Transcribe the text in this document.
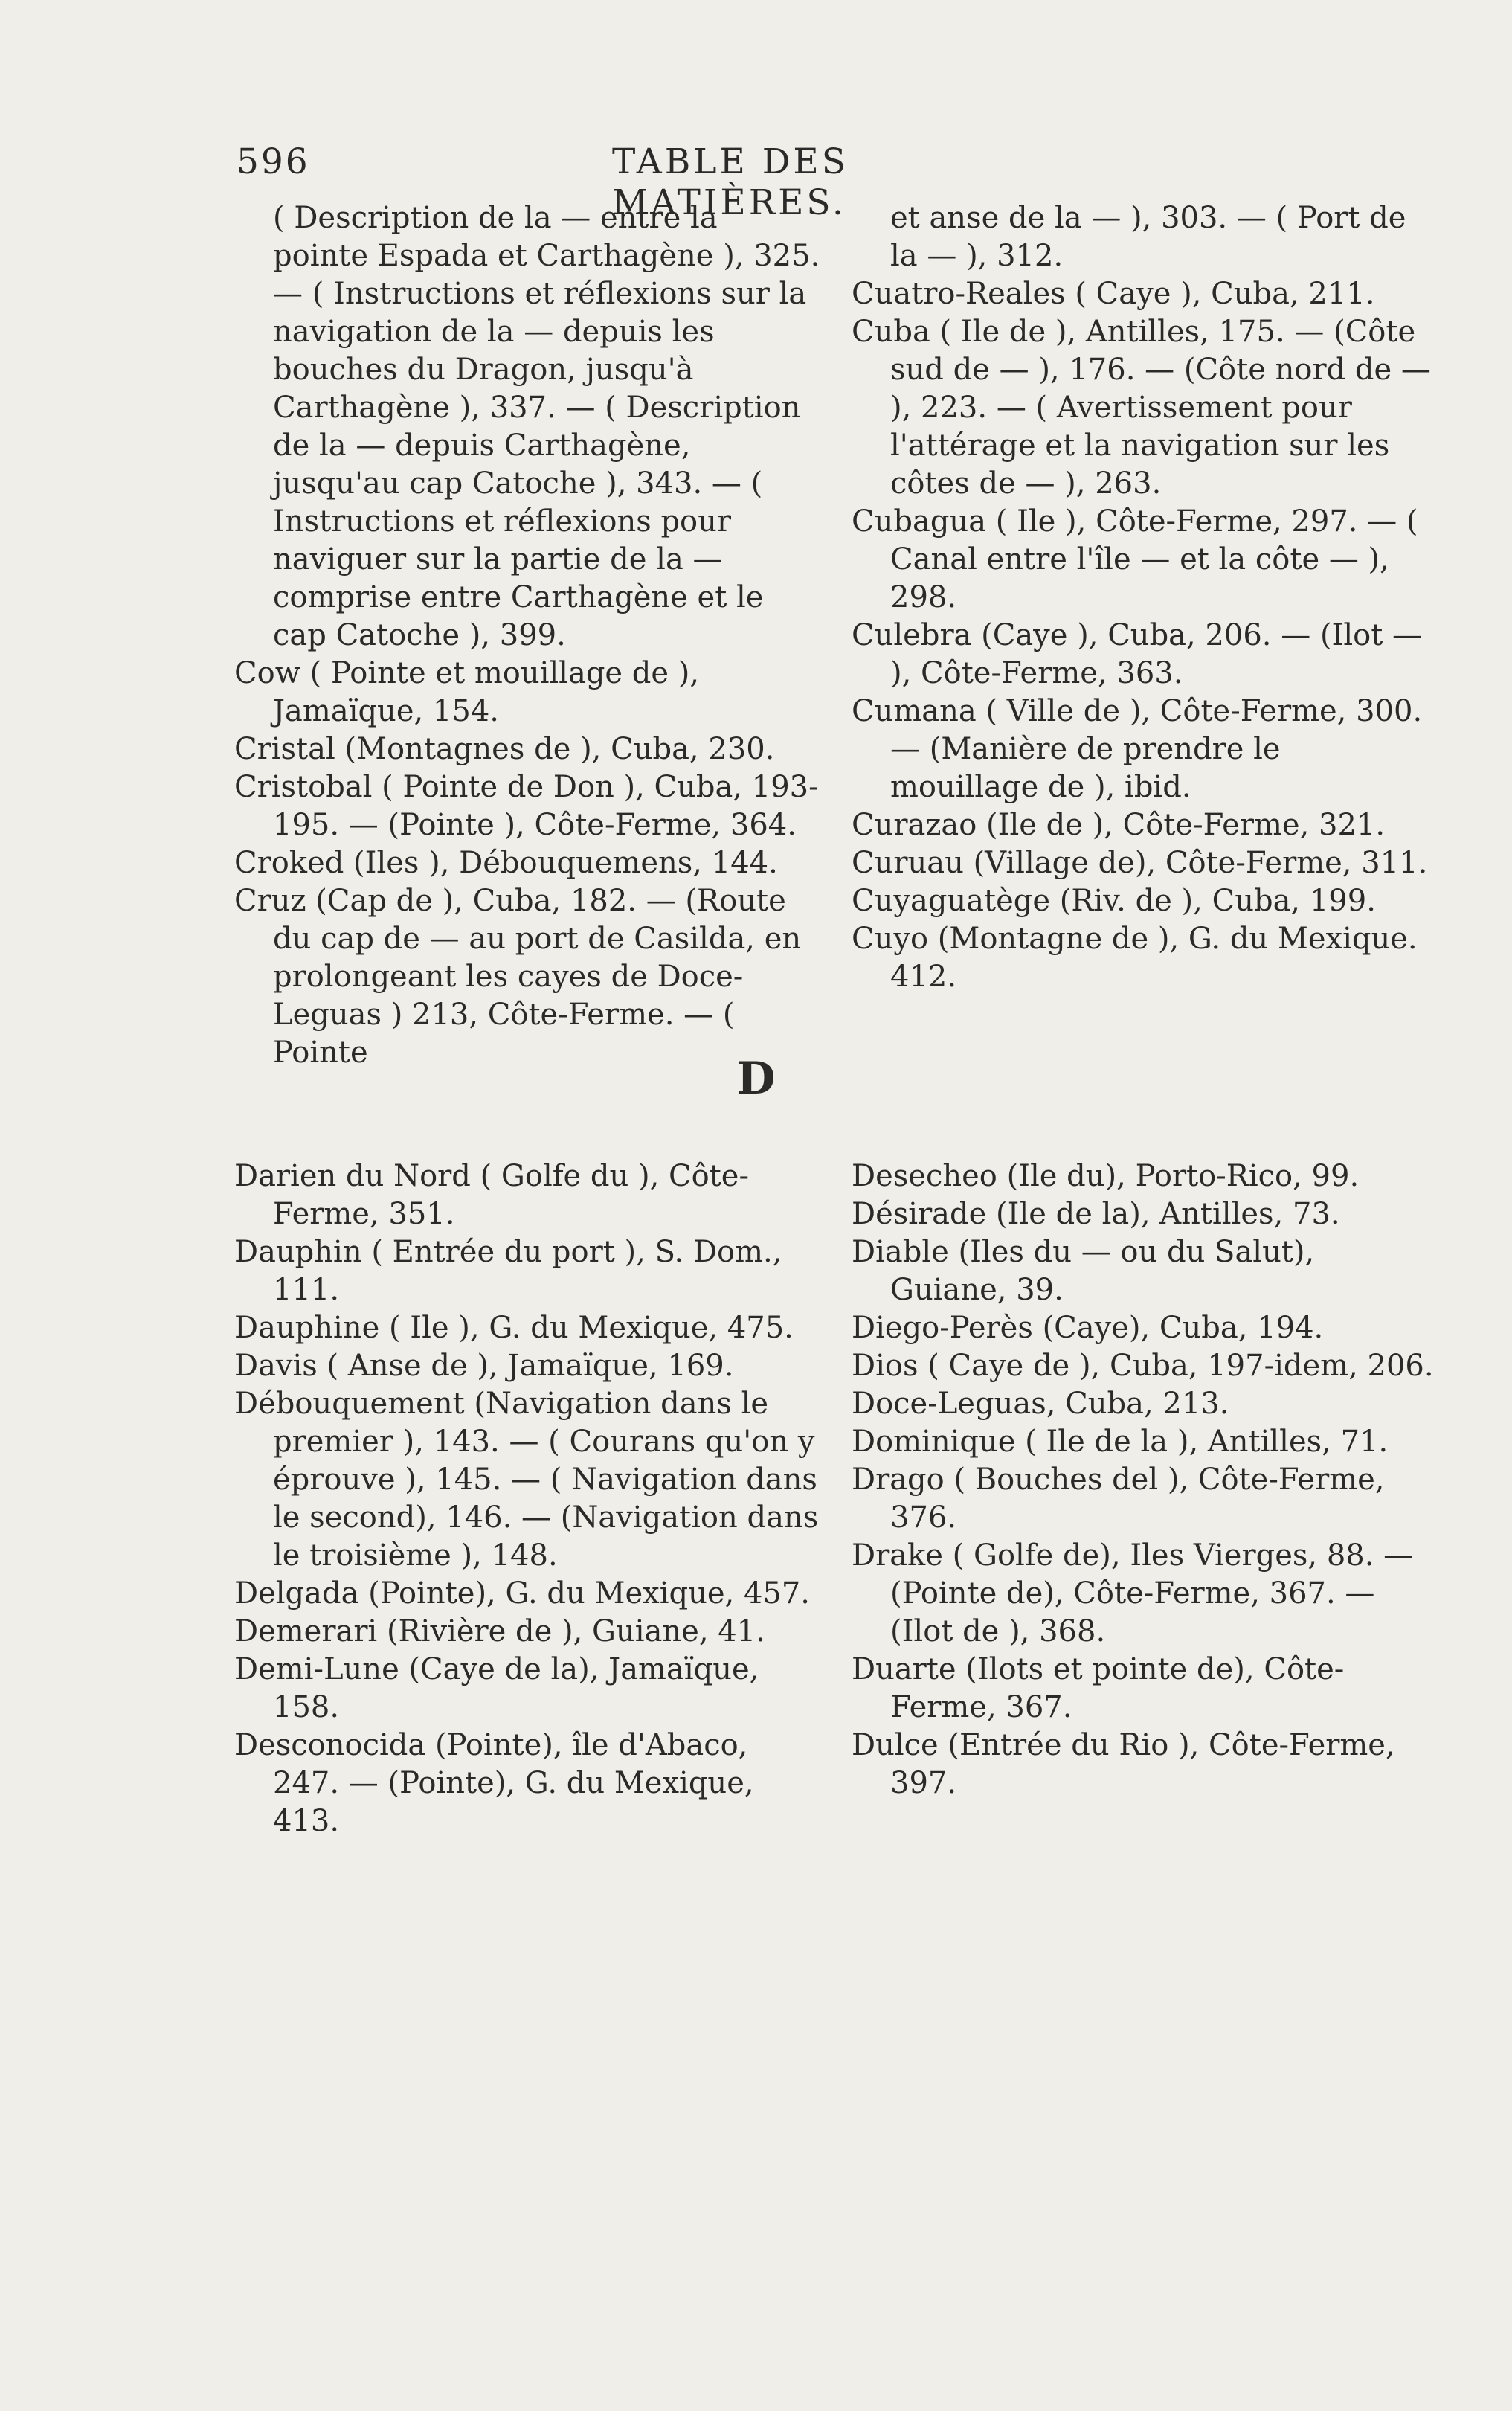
596	TABLE DES MATIÈRES.

( Description de la — entre la pointe Espada et Carthagène ), 325. — ( Instructions et réflexions sur la navigation de la — depuis les bouches du Dragon, jusqu'à Carthagène ), 337. — ( Description de la — depuis Carthagène, jusqu'au cap Catoche ), 343. — ( Instructions et réflexions pour naviguer sur la partie de la — comprise entre Carthagène et le cap Catoche ), 399.

Cow ( Pointe et mouillage de ), Jamaïque, 154.

Cristal (Montagnes de ), Cuba, 230.

Cristobal ( Pointe de Don ), Cuba, 193-195. — (Pointe ), Côte-Ferme, 364.

Croked (Iles ), Débouquemens, 144.

Cruz (Cap de ), Cuba, 182. — (Route du cap de — au port de Casilda, en prolongeant les cayes de Doce-Leguas ) 213, Côte-Ferme. — ( Pointe

et anse de la — ), 303. — ( Port de la — ), 312.

Cuatro-Reales ( Caye ), Cuba, 211.

Cuba ( Ile de ), Antilles, 175. — (Côte sud de — ), 176. — (Côte nord de — ), 223. — ( Avertissement pour l'attérage et la navigation sur les côtes de — ), 263.

Cubagua ( Ile ), Côte-Ferme, 297. — ( Canal entre l'île — et la côte — ), 298.

Culebra (Caye ), Cuba, 206. — (Ilot — ), Côte-Ferme, 363.

Cumana ( Ville de ), Côte-Ferme, 300. — (Manière de prendre le mouillage de ), ibid.

Curazao (Ile de ), Côte-Ferme, 321.

Curuau (Village de), Côte-Ferme, 311.

Cuyaguatège (Riv. de ), Cuba, 199.

Cuyo (Montagne de ), G. du Mexique. 412.

D

Darien du Nord ( Golfe du ), Côte-Ferme, 351.

Dauphin ( Entrée du port ), S. Dom., 111.

Dauphine ( Ile ), G. du Mexique, 475.

Davis ( Anse de ), Jamaïque, 169.

Débouquement (Navigation dans le premier ), 143. — ( Courans qu'on y éprouve ), 145. — ( Navigation dans le second), 146. — (Navigation dans le troisième ), 148.

Delgada (Pointe), G. du Mexique, 457.

Demerari (Rivière de ), Guiane, 41.

Demi-Lune (Caye de la), Jamaïque, 158.

Desconocida (Pointe), île d'Abaco, 247. — (Pointe), G. du Mexique, 413.

Desecheo (Ile du), Porto-Rico, 99.

Désirade (Ile de la), Antilles, 73.

Diable (Iles du — ou du Salut), Guiane, 39.

Diego-Perès (Caye), Cuba, 194.

Dios ( Caye de ), Cuba, 197-idem, 206.

Doce-Leguas, Cuba, 213.

Dominique ( Ile de la ), Antilles, 71.

Drago ( Bouches del ), Côte-Ferme, 376.

Drake ( Golfe de), Iles Vierges, 88. — (Pointe de), Côte-Ferme, 367. — (Ilot de ), 368.

Duarte (Ilots et pointe de), Côte-Ferme, 367.

Dulce (Entrée du Rio ), Côte-Ferme, 397.
